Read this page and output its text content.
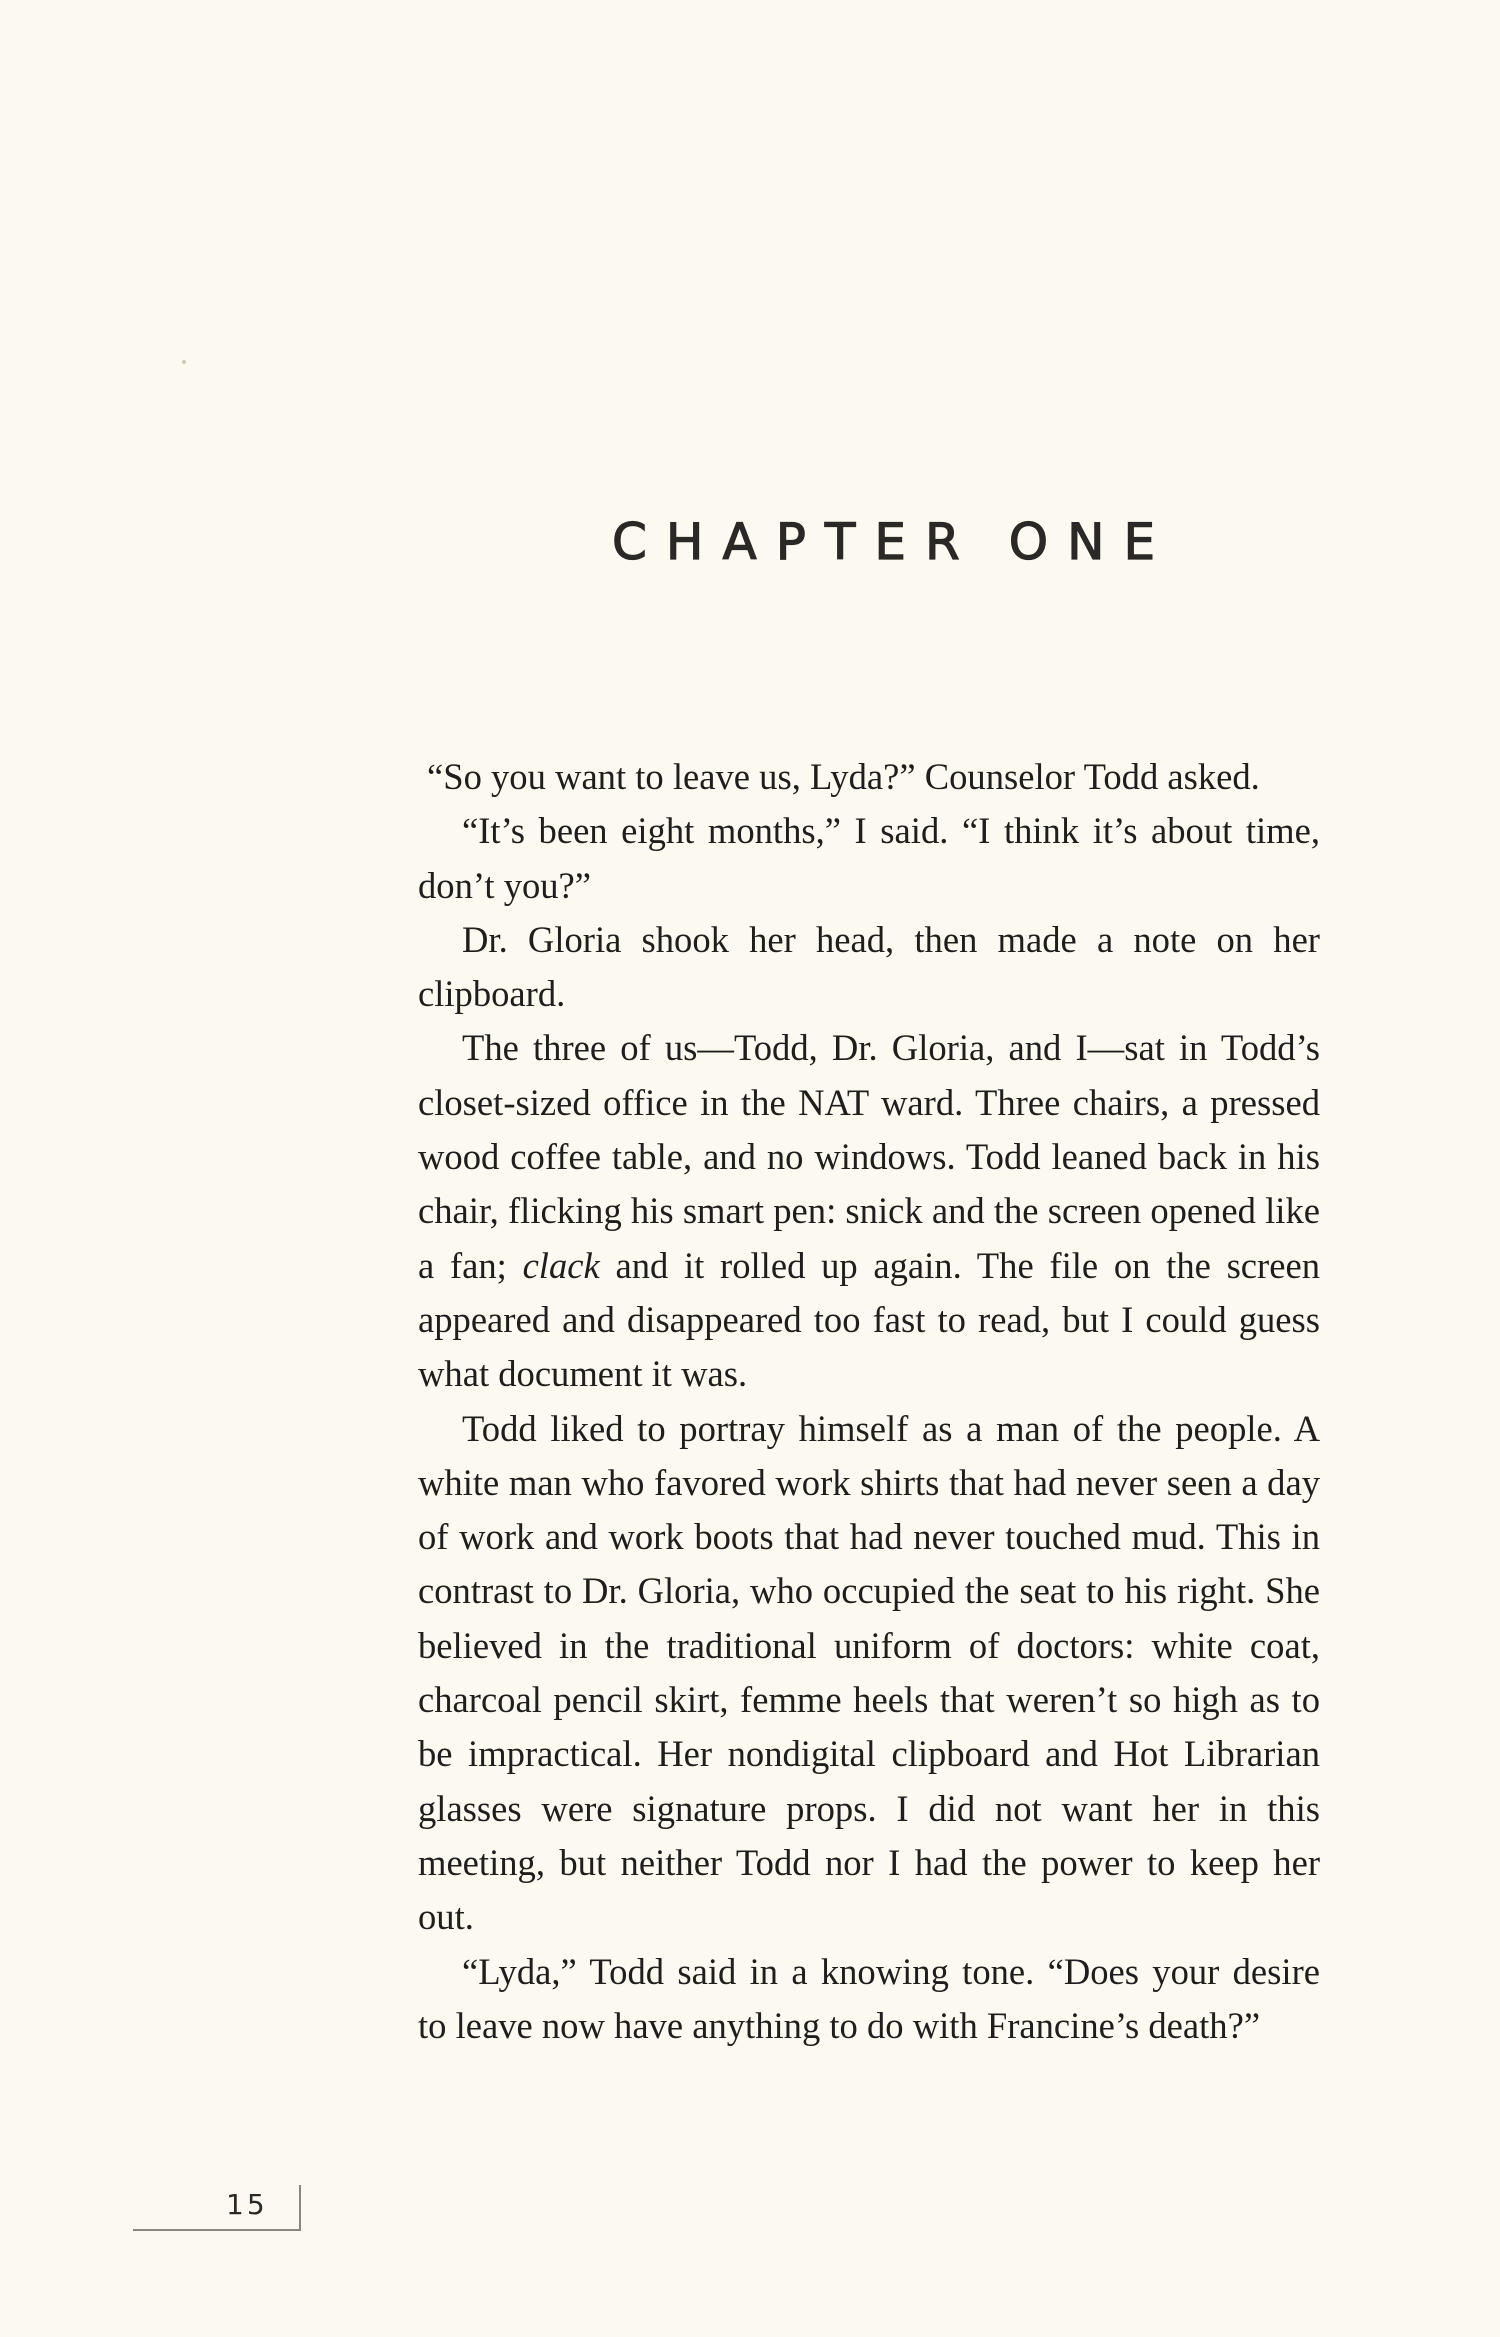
CHAPTER ONE

“So you want to leave us, Lyda?” Counselor Todd asked.

“It’s been eight months,” I said. “I think it’s about time, don’t you?”

Dr. Gloria shook her head, then made a note on her clipboard.

The three of us—Todd, Dr. Gloria, and I—sat in Todd’s closet-sized office in the NAT ward. Three chairs, a pressed wood coffee table, and no windows. Todd leaned back in his chair, flicking his smart pen: snick and the screen opened like a fan; clack and it rolled up again. The file on the screen appeared and disappeared too fast to read, but I could guess what document it was.

Todd liked to portray himself as a man of the people. A white man who favored work shirts that had never seen a day of work and work boots that had never touched mud. This in contrast to Dr. Gloria, who occupied the seat to his right. She believed in the traditional uniform of doctors: white coat, charcoal pencil skirt, femme heels that weren’t so high as to be impractical. Her nondigital clipboard and Hot Librarian glasses were signature props. I did not want her in this meeting, but neither Todd nor I had the power to keep her out.

“Lyda,” Todd said in a knowing tone. “Does your desire to leave now have anything to do with Francine’s death?”

15
